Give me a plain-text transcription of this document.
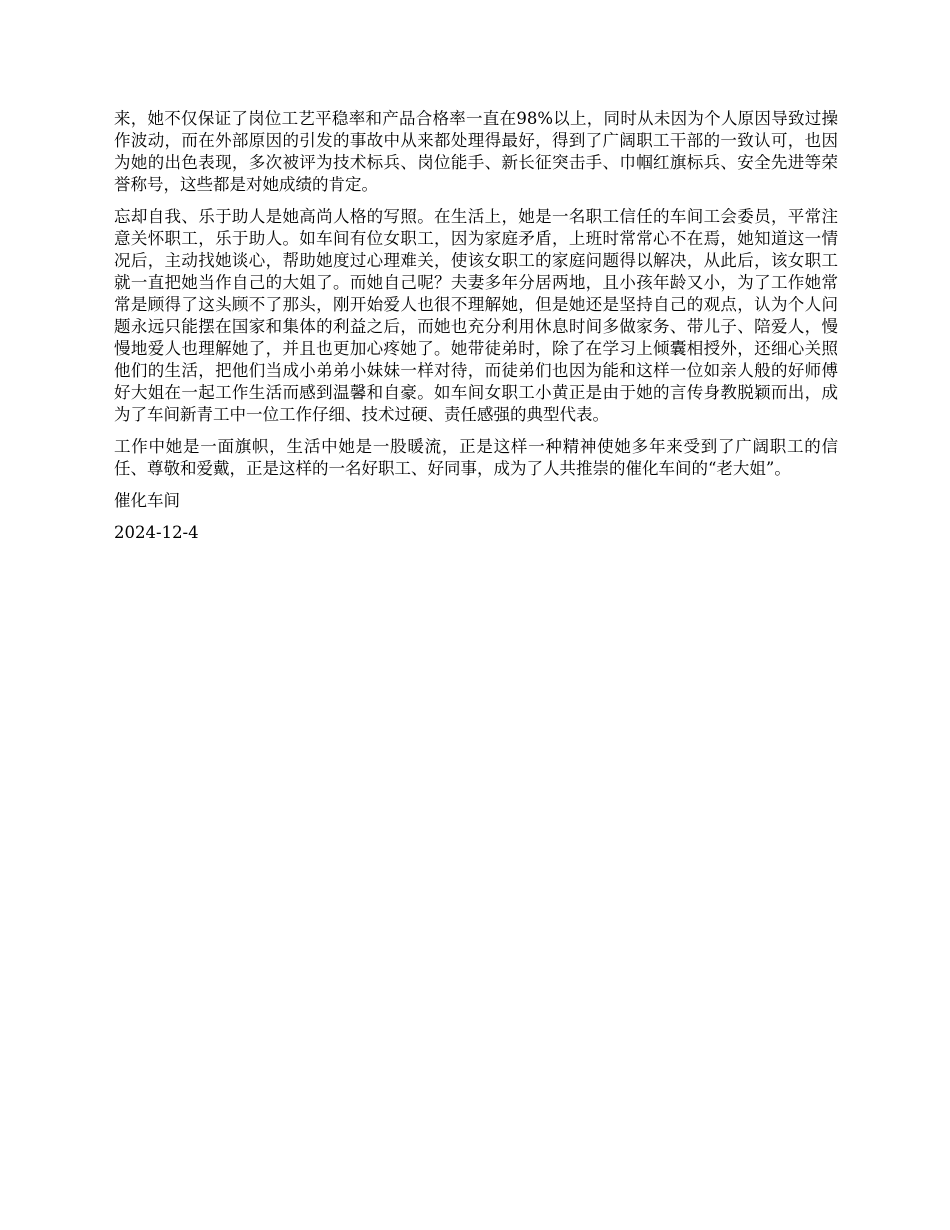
来，她不仅保证了岗位工艺平稳率和产品合格率一直在98%以上，同时从未因为个人原因导致过操作波动，而在外部原因的引发的事故中从来都处理得最好，得到了广阔职工干部的一致认可，也因为她的出色表现，多次被评为技术标兵、岗位能手、新长征突击手、巾帼红旗标兵、安全先进等荣誉称号，这些都是对她成绩的肯定。

忘却自我、乐于助人是她高尚人格的写照。在生活上，她是一名职工信任的车间工会委员，平常注意关怀职工，乐于助人。如车间有位女职工，因为家庭矛盾，上班时常常心不在焉，她知道这一情况后，主动找她谈心，帮助她度过心理难关，使该女职工的家庭问题得以解决，从此后，该女职工就一直把她当作自己的大姐了。而她自己呢？夫妻多年分居两地，且小孩年龄又小，为了工作她常常是顾得了这头顾不了那头，刚开始爱人也很不理解她，但是她还是坚持自己的观点，认为个人问题永远只能摆在国家和集体的利益之后，而她也充分利用休息时间多做家务、带儿子、陪爱人，慢慢地爱人也理解她了，并且也更加心疼她了。她带徒弟时，除了在学习上倾囊相授外，还细心关照他们的生活，把他们当成小弟弟小妹妹一样对待，而徒弟们也因为能和这样一位如亲人般的好师傅好大姐在一起工作生活而感到温馨和自豪。如车间女职工小黄正是由于她的言传身教脱颖而出，成为了车间新青工中一位工作仔细、技术过硬、责任感强的典型代表。

工作中她是一面旗帜，生活中她是一股暖流，正是这样一种精神使她多年来受到了广阔职工的信任、尊敬和爱戴，正是这样的一名好职工、好同事，成为了人共推崇的催化车间的“老大姐”。

催化车间

2024-12-4
